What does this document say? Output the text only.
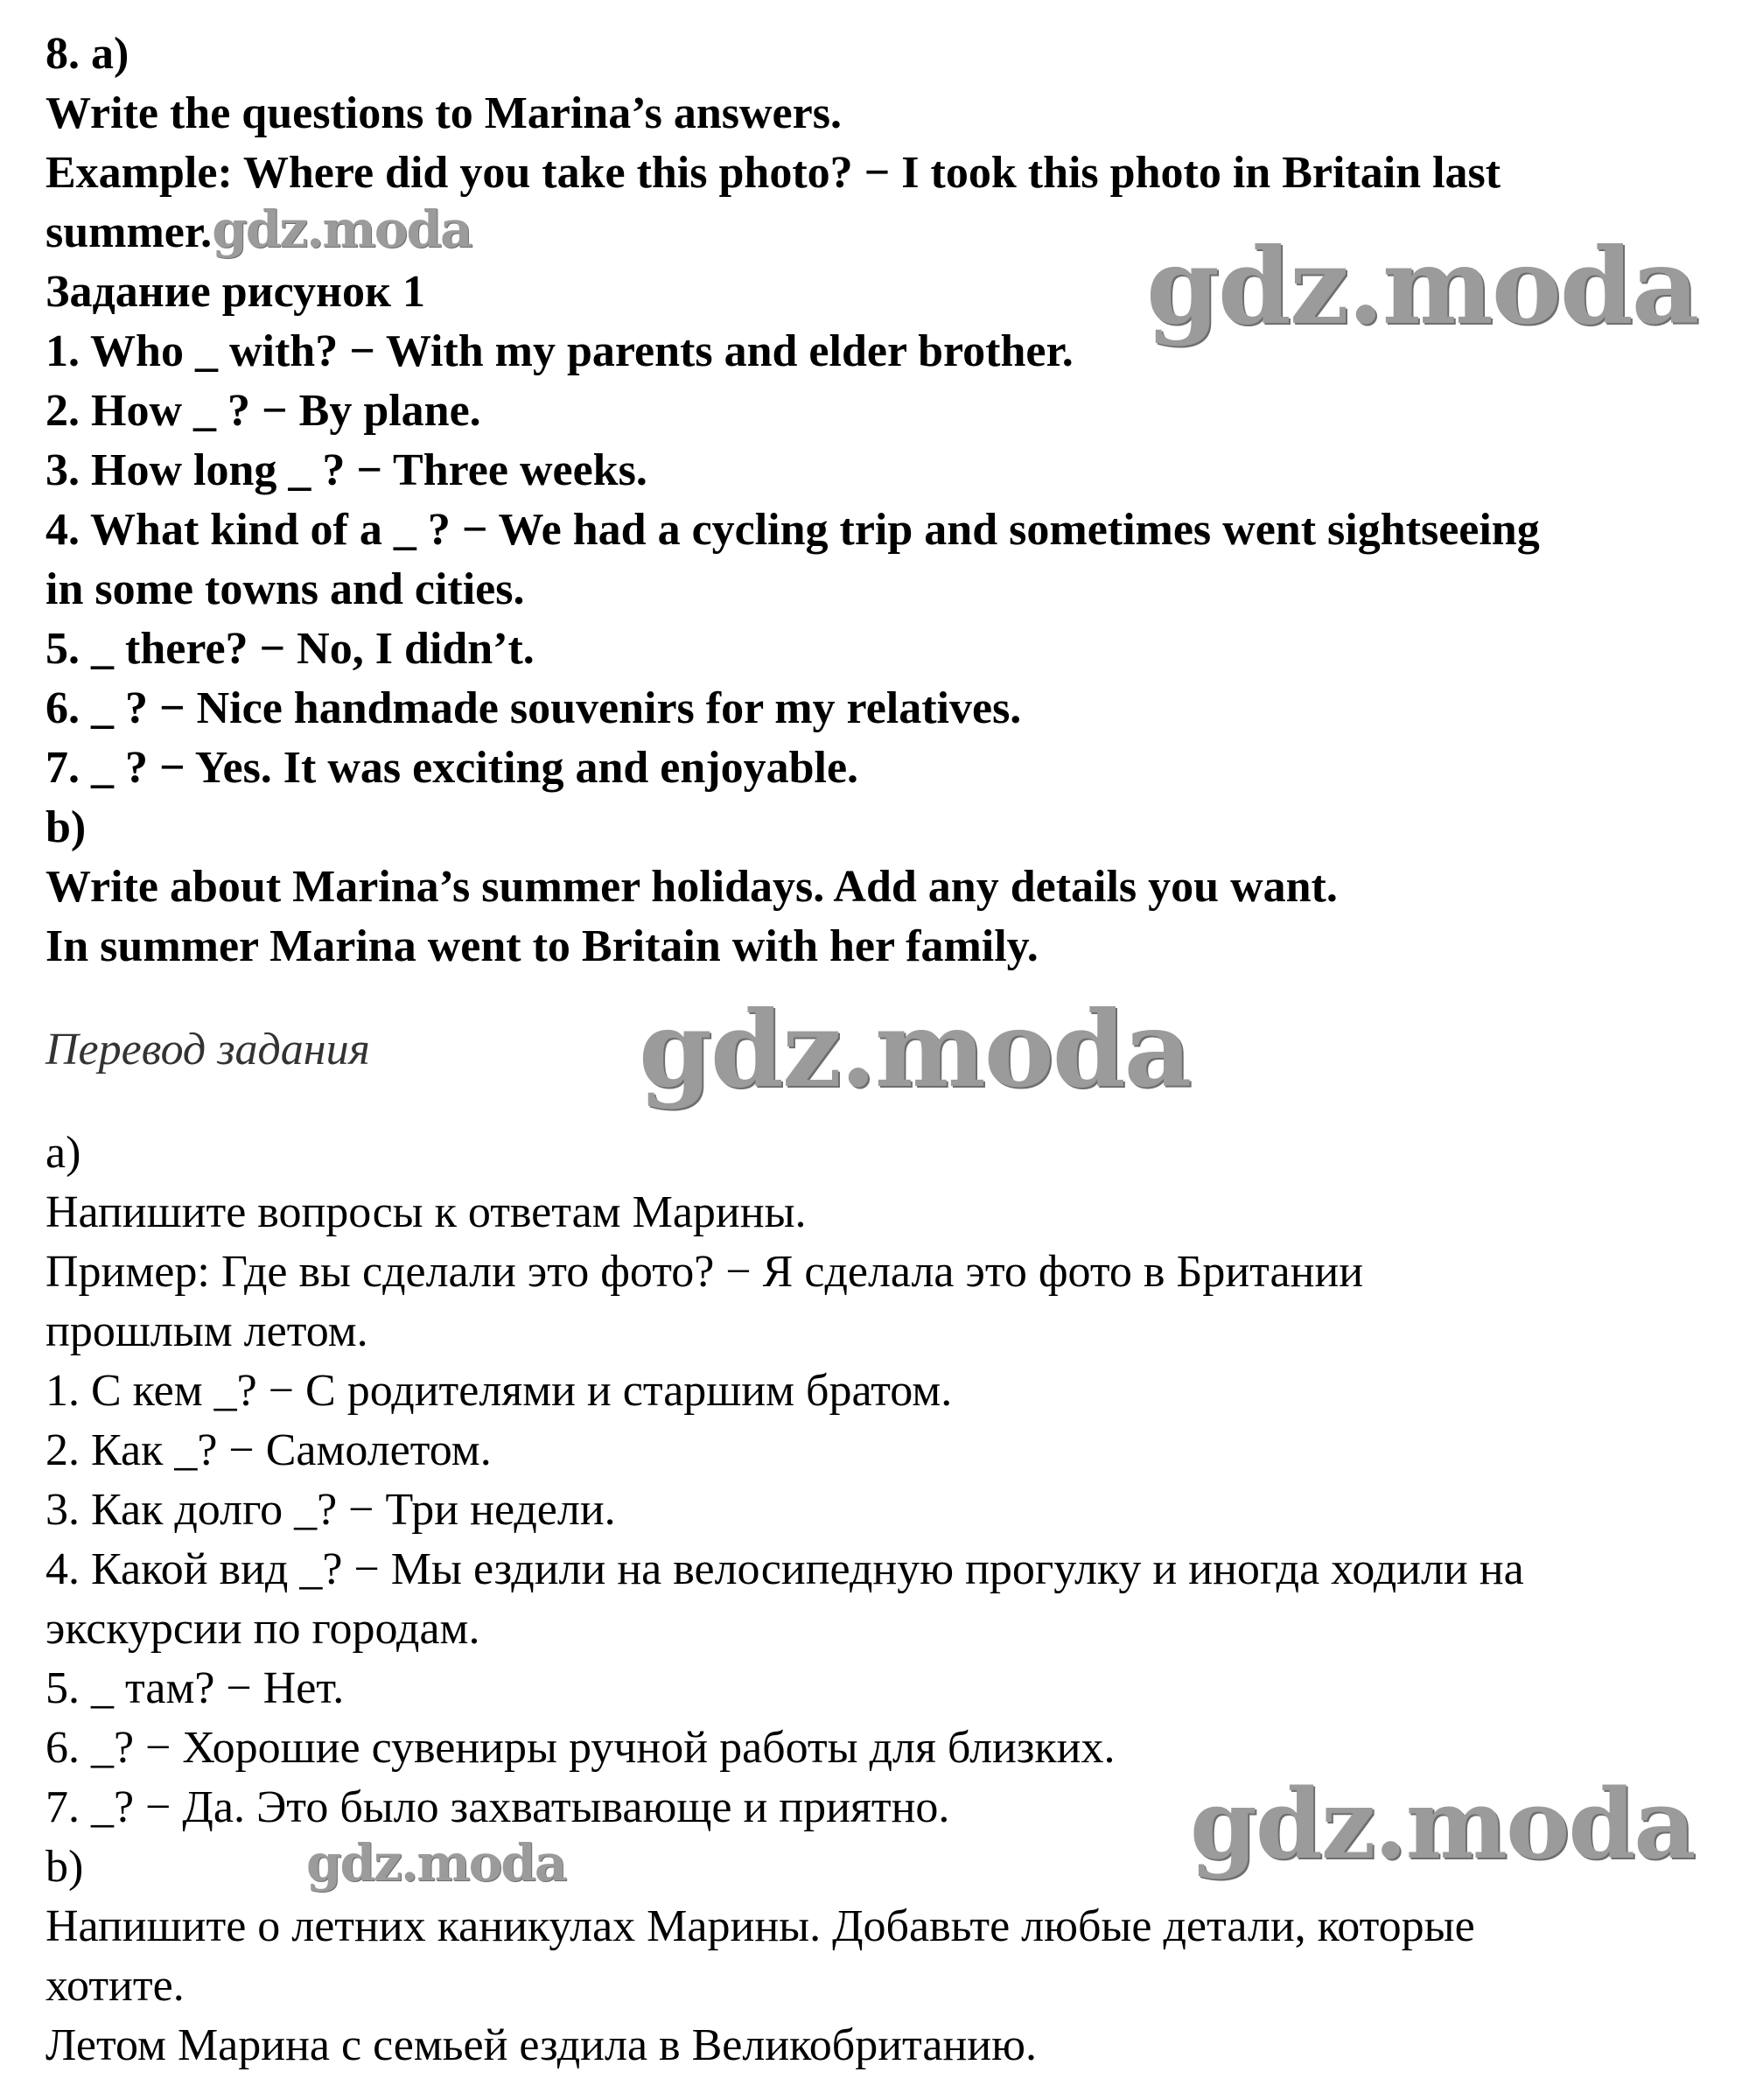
8. a)
Write the questions to Marina’s answers.
Example: Where did you take this photo? − I took this photo in Britain last
summer.gdz.moda
Задание рисунок 1
1. Who _ with? − With my parents and elder brother.
2. How _ ? − By plane.
3. How long _ ? − Three weeks.
4. What kind of a _ ? − We had a cycling trip and sometimes went sightseeing
in some towns and cities.
5. _ there? − No, I didn’t.
6. _ ? − Nice handmade souvenirs for my relatives.
7. _ ? − Yes. It was exciting and enjoyable.
b)
Write about Marina’s summer holidays. Add any details you want.
In summer Marina went to Britain with her family.
Перевод задания
a)
Напишите вопросы к ответам Марины.
Пример: Где вы сделали это фото? − Я сделала это фото в Британии
прошлым летом.
1. С кем _? − С родителями и старшим братом.
2. Как _? − Самолетом.
3. Как долго _? − Три недели.
4. Какой вид _? − Мы ездили на велосипедную прогулку и иногда ходили на
экскурсии по городам.
5. _ там? − Нет.
6. _? − Хорошие сувениры ручной работы для близких.
7. _? − Да. Это было захватывающе и приятно.
b)
Напишите о летних каникулах Марины. Добавьте любые детали, которые
хотите.
Летом Марина с семьей ездила в Великобританию.
gdz.moda
gdz.moda
gdz.moda
gdz.moda
